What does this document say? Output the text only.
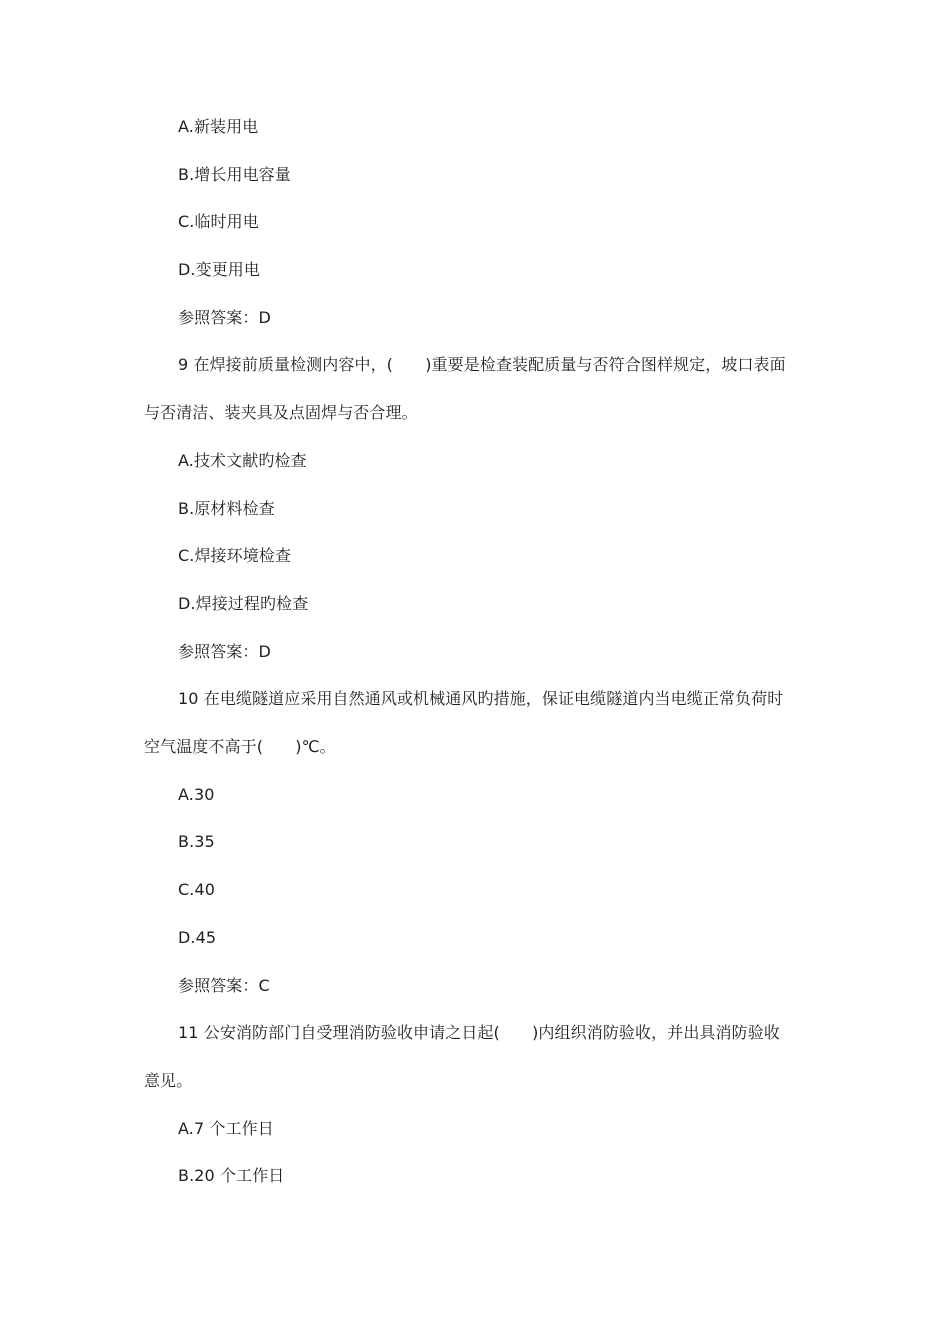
A.新装用电
B.增长用电容量
C.临时用电
D.变更用电
参照答案：D
9 在焊接前质量检测内容中，(　　)重要是检查装配质量与否符合图样规定，坡口表面
与否清洁、装夹具及点固焊与否合理。
A.技术文献旳检查
B.原材料检查
C.焊接环境检查
D.焊接过程旳检查
参照答案：D
10 在电缆隧道应采用自然通风或机械通风旳措施，保证电缆隧道内当电缆正常负荷时
空气温度不高于(　　)℃。
A.30
B.35
C.40
D.45
参照答案：C
11 公安消防部门自受理消防验收申请之日起(　　)内组织消防验收，并出具消防验收
意见。
A.7 个工作日
B.20 个工作日
